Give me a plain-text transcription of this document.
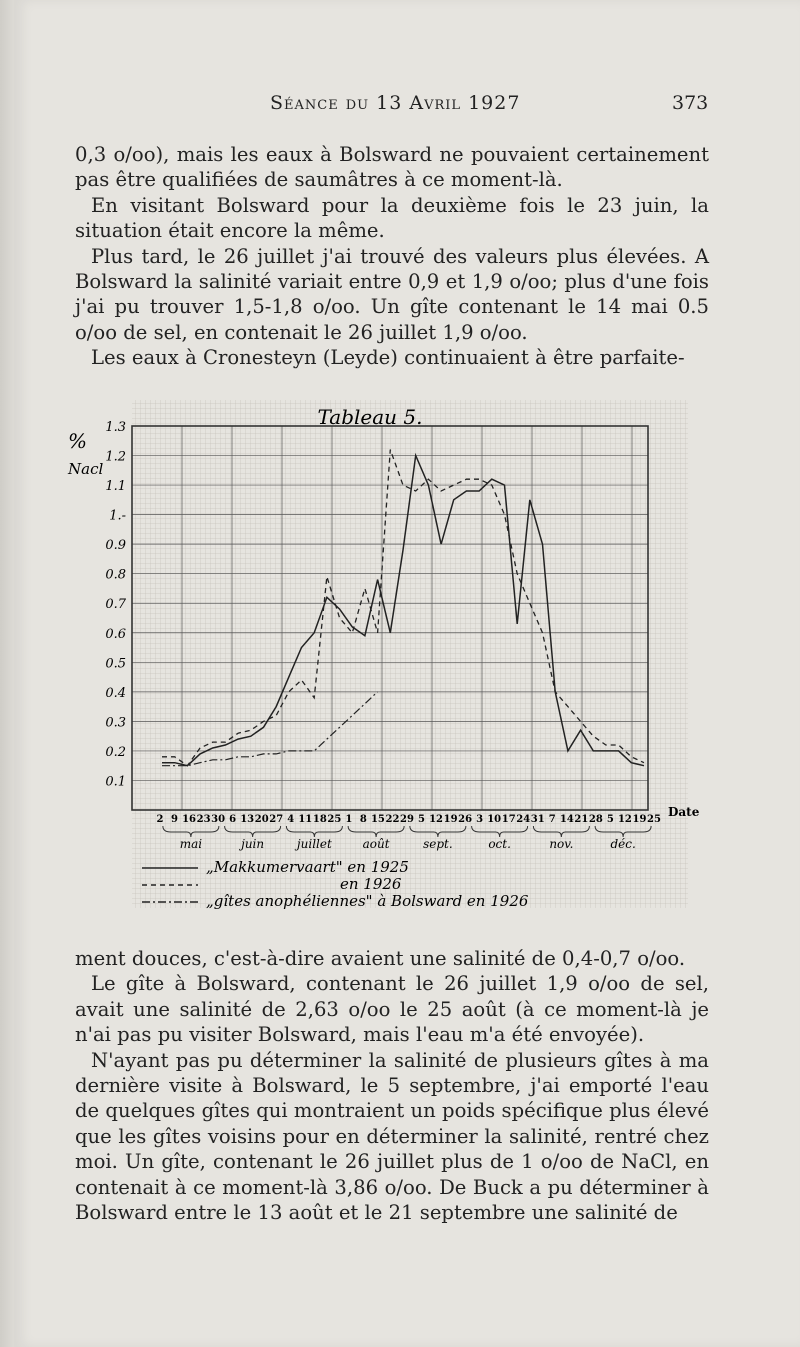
Séance du 13 Avril 1927	373

0,3 o/oo), mais les eaux à Bolsward ne pouvaient certainement pas être qualifiées de saumâtres à ce moment-là.

En visitant Bolsward pour la deuxième fois le 23 juin, la situation était encore la même.

Plus tard, le 26 juillet j'ai trouvé des valeurs plus élevées. A Bolsward la salinité variait entre 0,9 et 1,9 o/oo; plus d'une fois j'ai pu trouver 1,5-1,8 o/oo. Un gîte contenant le 14 mai 0.5 o/oo de sel, en contenait le 26 juillet 1,9 o/oo.

Les eaux à Cronesteyn (Leyde) continuaient à être parfaite-

Tableau 5.
%
Nacl
Date
1.3
1.2
1.1
1.-
0.9
0.8
0.7
0.6
0.5
0.4
0.3
0.2
0.1
2 9 16 23 30 6 13 20 27 4 11 18 25 1 8 15 22 29 5 12 19 26 3 10 17 24 31 7 14 21 28 5 12 19 25
mai	juin	juillet	août	sept.	oct.	nov.	déc.
„Makkumervaart" en 1925
en 1926
„gîtes anophéliennes" à Bolsward en 1926

ment douces, c'est-à-dire avaient une salinité de 0,4-0,7 o/oo.

Le gîte à Bolsward, contenant le 26 juillet 1,9 o/oo de sel, avait une salinité de 2,63 o/oo le 25 août (à ce moment-là je n'ai pas pu visiter Bolsward, mais l'eau m'a été envoyée).

N'ayant pas pu déterminer la salinité de plusieurs gîtes à ma dernière visite à Bolsward, le 5 septembre, j'ai emporté l'eau de quelques gîtes qui montraient un poids spécifique plus élevé que les gîtes voisins pour en déterminer la salinité, rentré chez moi. Un gîte, contenant le 26 juillet plus de 1 o/oo de NaCl, en contenait à ce moment-là 3,86 o/oo. De Buck a pu déterminer à Bolsward entre le 13 août et le 21 septembre une salinité de
